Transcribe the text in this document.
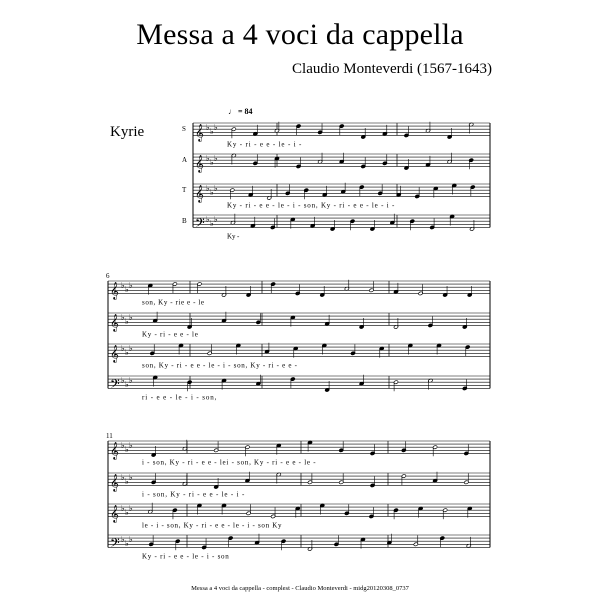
Messa a 4 voci da cappella
Claudio Monteverdi (1567-1643)
Kyrie	𝄞 ♭ ♭ ♭
S
Ky - ri - e e - le - i -
𝄞 ♭ ♭ ♭
A
𝄞 ♭ ♭ ♭
T
Ky - ri - e e - le - i - son, Ky - ri - e e - le - i -
𝄢 ♭ ♭ ♭
B
Ky -
6
𝄞 ♭ ♭ ♭
son, Ky - rie e - le
𝄞 ♭ ♭ ♭
Ky - ri - e e - le
𝄞 ♭ ♭ ♭
son, Ky - ri - e e - le - i - son, Ky - ri - e e -
𝄢 ♭ ♭ ♭
ri - e e - le - i - son,
11
𝄞 ♭ ♭ ♭
i - son, Ky - ri - e e - lei - son, Ky - ri - e e - le -
𝄞 ♭ ♭ ♭
i - son, Ky - ri - e e - le - i -
𝄞 ♭ ♭ ♭
le - i - son, Ky - ri - e e - le - i - son Ky
𝄢 ♭ ♭ ♭
Ky - ri - e e - le - i - son
♩ = 84
Messa a 4 voci da cappella - complest - Claudio Monteverdi - midg20120308_0737
